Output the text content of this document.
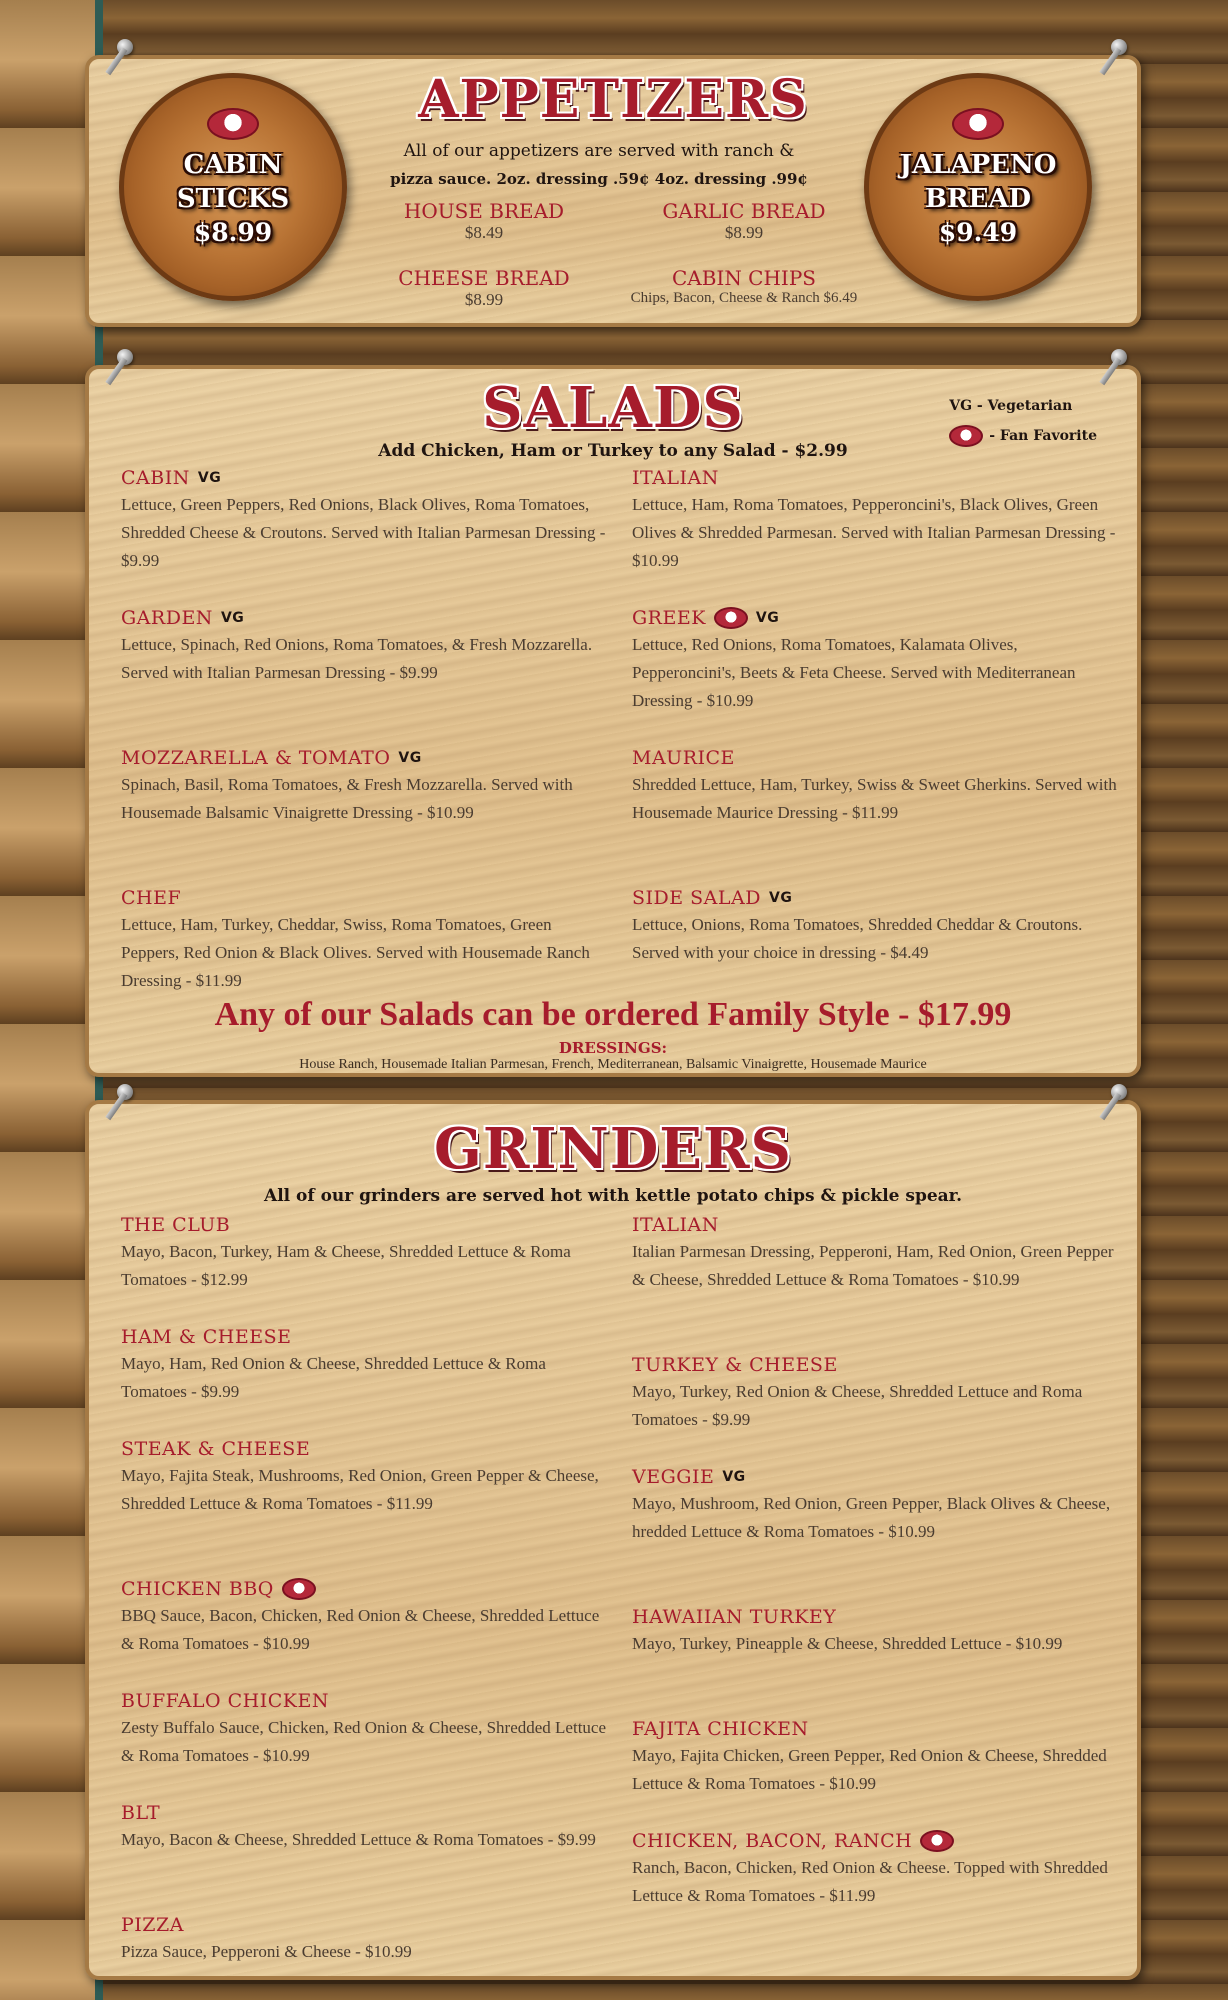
APPETIZERS
All of our appetizers are served with ranch &
pizza sauce. 2oz. dressing .59¢ 4oz. dressing .99¢
CABIN
STICKS
$8.99
JALAPENO
BREAD
$9.49
HOUSE BREAD
$8.49
GARLIC BREAD
$8.99
CHEESE BREAD
$8.99
CABIN CHIPS
Chips, Bacon, Cheese & Ranch $6.49
SALADS	VG - Vegetarian
- Fan Favorite
Add Chicken, Ham or Turkey to any Salad - $2.99
CABIN VG
Lettuce, Green Peppers, Red Onions, Black Olives, Roma Tomatoes, Shredded Cheese & Croutons. Served with Italian Parmesan Dressing - $9.99
ITALIAN
Lettuce, Ham, Roma Tomatoes, Pepperoncini's, Black Olives, Green Olives & Shredded Parmesan. Served with Italian Parmesan Dressing - $10.99
GARDEN VG
Lettuce, Spinach, Red Onions, Roma Tomatoes, & Fresh Mozzarella. Served with Italian Parmesan Dressing - $9.99
GREEK	VG
Lettuce, Red Onions, Roma Tomatoes, Kalamata Olives, Pepperoncini's, Beets & Feta Cheese. Served with Mediterranean Dressing - $10.99
MOZZARELLA & TOMATO VG
Spinach, Basil, Roma Tomatoes, & Fresh Mozzarella. Served with Housemade Balsamic Vinaigrette Dressing - $10.99
MAURICE
Shredded Lettuce, Ham, Turkey, Swiss & Sweet Gherkins. Served with Housemade Maurice Dressing - $11.99
CHEF
Lettuce, Ham, Turkey, Cheddar, Swiss, Roma Tomatoes, Green Peppers, Red Onion & Black Olives. Served with Housemade Ranch Dressing - $11.99
SIDE SALAD VG
Lettuce, Onions, Roma Tomatoes, Shredded Cheddar & Croutons. Served with your choice in dressing - $4.49
Any of our Salads can be ordered Family Style - $17.99
DRESSINGS:
House Ranch, Housemade Italian Parmesan, French, Mediterranean, Balsamic Vinaigrette, Housemade Maurice
GRINDERS
All of our grinders are served hot with kettle potato chips & pickle spear.
THE CLUB
Mayo, Bacon, Turkey, Ham & Cheese, Shredded Lettuce & Roma Tomatoes - $12.99
HAM & CHEESE
Mayo, Ham, Red Onion & Cheese, Shredded Lettuce & Roma Tomatoes - $9.99
STEAK & CHEESE
Mayo, Fajita Steak, Mushrooms, Red Onion, Green Pepper & Cheese, Shredded Lettuce & Roma Tomatoes - $11.99
CHICKEN BBQ
BBQ Sauce, Bacon, Chicken, Red Onion & Cheese, Shredded Lettuce & Roma Tomatoes - $10.99
BUFFALO CHICKEN
Zesty Buffalo Sauce, Chicken, Red Onion & Cheese, Shredded Lettuce & Roma Tomatoes - $10.99
BLT
Mayo, Bacon & Cheese, Shredded Lettuce & Roma Tomatoes - $9.99
PIZZA
Pizza Sauce, Pepperoni & Cheese - $10.99
ITALIAN
Italian Parmesan Dressing, Pepperoni, Ham, Red Onion, Green Pepper & Cheese, Shredded Lettuce & Roma Tomatoes - $10.99
TURKEY & CHEESE
Mayo, Turkey, Red Onion & Cheese, Shredded Lettuce and Roma Tomatoes - $9.99
VEGGIE VG
Mayo, Mushroom, Red Onion, Green Pepper, Black Olives & Cheese, hredded Lettuce & Roma Tomatoes - $10.99
HAWAIIAN TURKEY
Mayo, Turkey, Pineapple & Cheese, Shredded Lettuce - $10.99
FAJITA CHICKEN
Mayo, Fajita Chicken, Green Pepper, Red Onion & Cheese, Shredded Lettuce & Roma Tomatoes - $10.99
CHICKEN, BACON, RANCH
Ranch, Bacon, Chicken, Red Onion & Cheese. Topped with Shredded Lettuce & Roma Tomatoes - $11.99
